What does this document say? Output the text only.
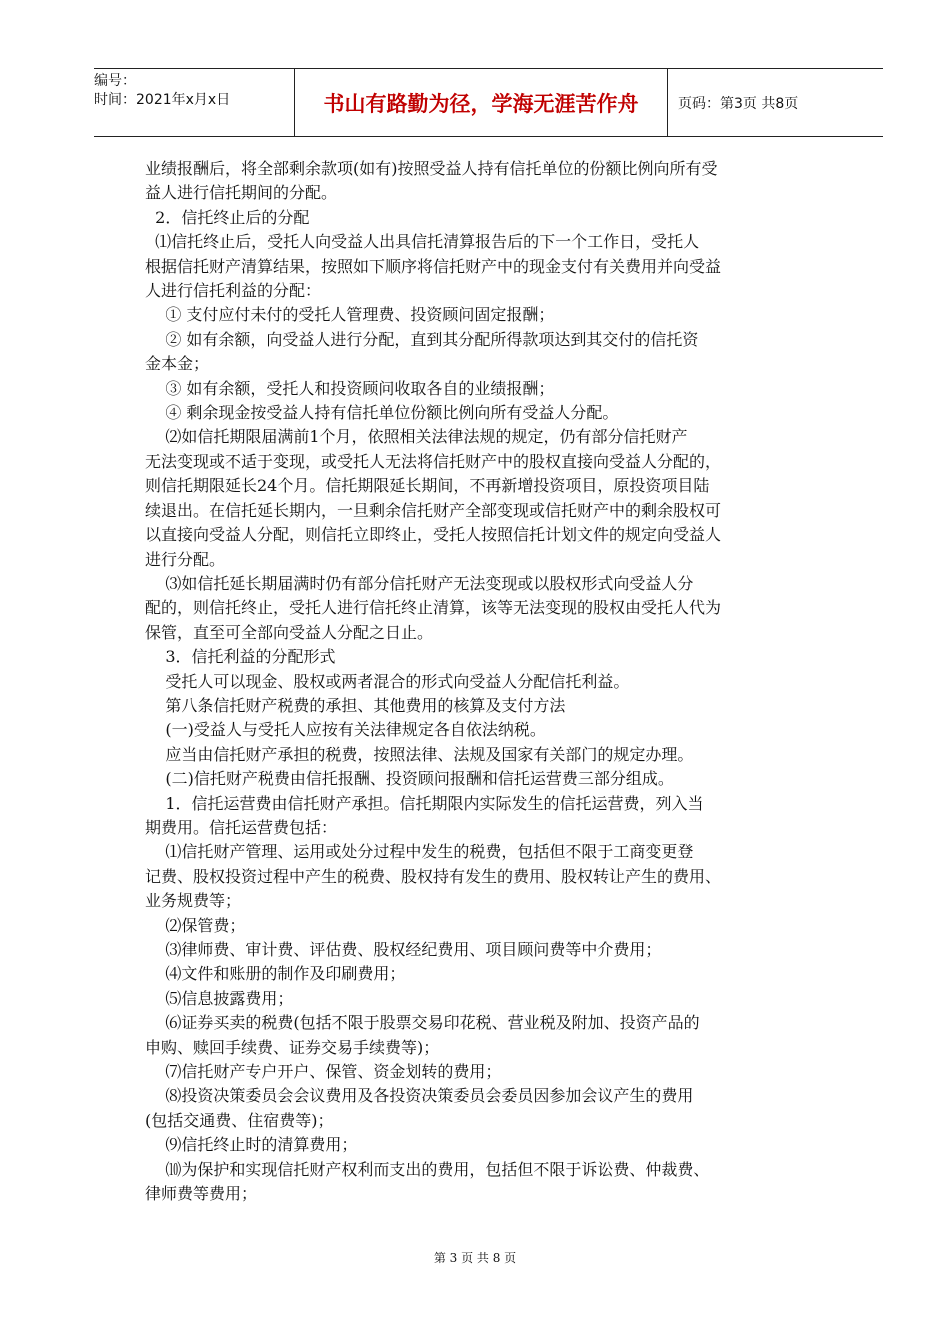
编号：
时间：2021年x月x日	书山有路勤为径，学海无涯苦作舟	页码：第3页 共8页

业绩报酬后，将全部剩余款项(如有)按照受益人持有信托单位的份额比例向所有受

益人进行信托期间的分配。

2．信托终止后的分配

⑴信托终止后，受托人向受益人出具信托清算报告后的下一个工作日，受托人

根据信托财产清算结果，按照如下顺序将信托财产中的现金支付有关费用并向受益

人进行信托利益的分配：

① 支付应付未付的受托人管理费、投资顾问固定报酬；

② 如有余额，向受益人进行分配，直到其分配所得款项达到其交付的信托资

金本金；

③ 如有余额，受托人和投资顾问收取各自的业绩报酬；

④ 剩余现金按受益人持有信托单位份额比例向所有受益人分配。

⑵如信托期限届满前1个月，依照相关法律法规的规定，仍有部分信托财产

无法变现或不适于变现，或受托人无法将信托财产中的股权直接向受益人分配的，

则信托期限延长24个月。信托期限延长期间，不再新增投资项目，原投资项目陆

续退出。在信托延长期内，一旦剩余信托财产全部变现或信托财产中的剩余股权可

以直接向受益人分配，则信托立即终止，受托人按照信托计划文件的规定向受益人

进行分配。

⑶如信托延长期届满时仍有部分信托财产无法变现或以股权形式向受益人分

配的，则信托终止，受托人进行信托终止清算，该等无法变现的股权由受托人代为

保管，直至可全部向受益人分配之日止。

3．信托利益的分配形式

受托人可以现金、股权或两者混合的形式向受益人分配信托利益。

第八条信托财产税费的承担、其他费用的核算及支付方法

(一)受益人与受托人应按有关法律规定各自依法纳税。

应当由信托财产承担的税费，按照法律、法规及国家有关部门的规定办理。

(二)信托财产税费由信托报酬、投资顾问报酬和信托运营费三部分组成。

1．信托运营费由信托财产承担。信托期限内实际发生的信托运营费，列入当

期费用。信托运营费包括：

⑴信托财产管理、运用或处分过程中发生的税费，包括但不限于工商变更登

记费、股权投资过程中产生的税费、股权持有发生的费用、股权转让产生的费用、

业务规费等；

⑵保管费；

⑶律师费、审计费、评估费、股权经纪费用、项目顾问费等中介费用；

⑷文件和账册的制作及印刷费用；

⑸信息披露费用；

⑹证券买卖的税费(包括不限于股票交易印花税、营业税及附加、投资产品的

申购、赎回手续费、证券交易手续费等)；

⑺信托财产专户开户、保管、资金划转的费用；

⑻投资决策委员会会议费用及各投资决策委员会委员因参加会议产生的费用

(包括交通费、住宿费等)；

⑼信托终止时的清算费用；

⑽为保护和实现信托财产权利而支出的费用，包括但不限于诉讼费、仲裁费、

律师费等费用；

第 3 页 共 8 页
